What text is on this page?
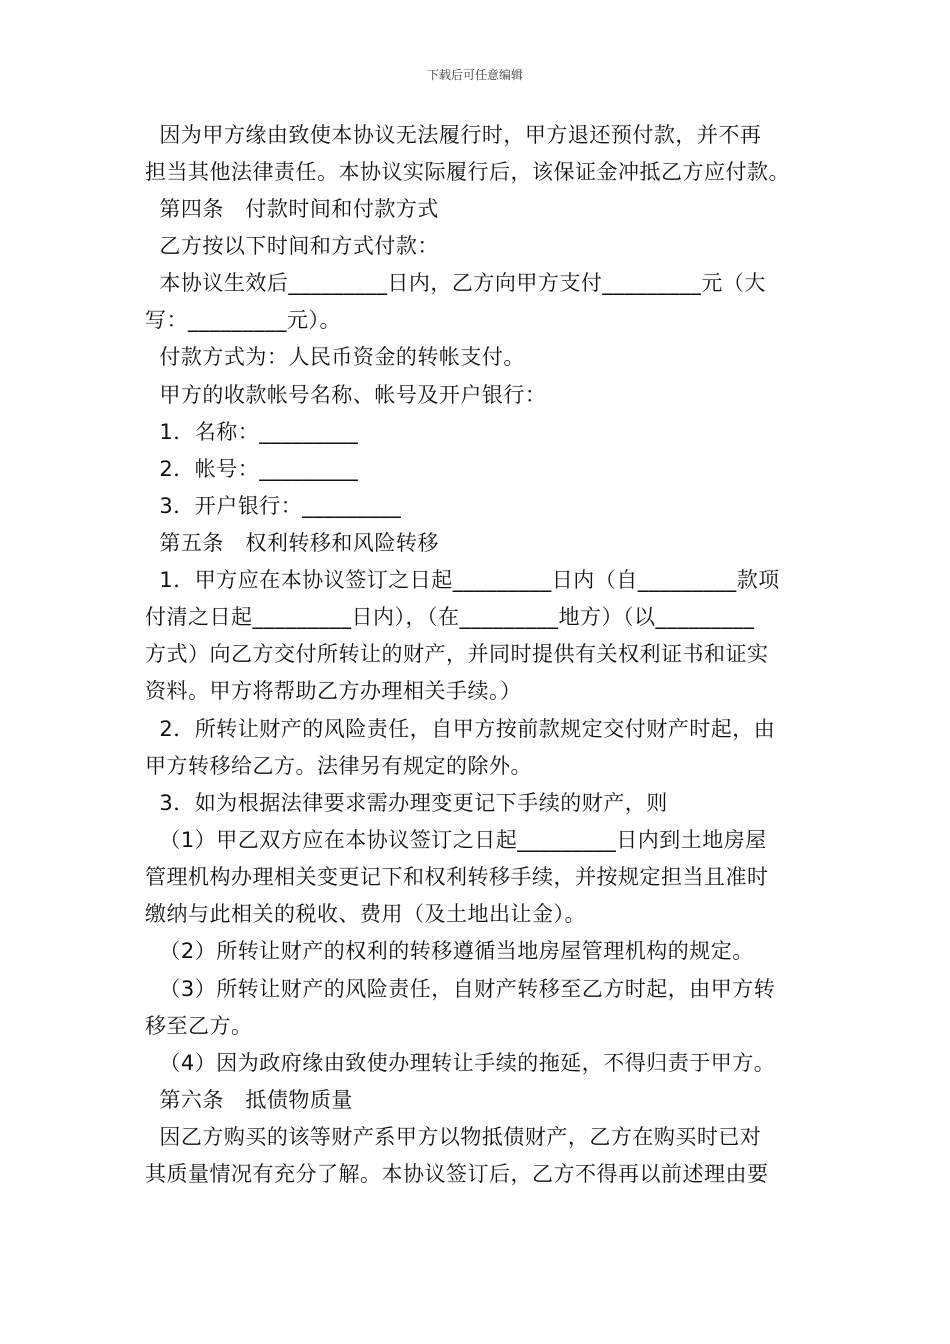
下载后可任意编辑
因为甲方缘由致使本协议无法履行时，甲方退还预付款，并不再
担当其他法律责任。本协议实际履行后，该保证金冲抵乙方应付款。
第四条   付款时间和付款方式
乙方按以下时间和方式付款：
本协议生效后_________日内，乙方向甲方支付_________元（大
写：_________元）。
付款方式为：人民币资金的转帐支付。
甲方的收款帐号名称、帐号及开户银行：
1．名称：_________
2．帐号：_________
3．开户银行：_________
第五条   权利转移和风险转移
1．甲方应在本协议签订之日起_________日内（自_________款项
付清之日起_________日内），（在_________地方）（以_________
方式）向乙方交付所转让的财产，并同时提供有关权利证书和证实
资料。甲方将帮助乙方办理相关手续。）
2．所转让财产的风险责任，自甲方按前款规定交付财产时起，由
甲方转移给乙方。法律另有规定的除外。
3．如为根据法律要求需办理变更记下手续的财产，则
（1）甲乙双方应在本协议签订之日起_________日内到土地房屋
管理机构办理相关变更记下和权利转移手续，并按规定担当且准时
缴纳与此相关的税收、费用（及土地出让金）。
（2）所转让财产的权利的转移遵循当地房屋管理机构的规定。
（3）所转让财产的风险责任，自财产转移至乙方时起，由甲方转
移至乙方。
（4）因为政府缘由致使办理转让手续的拖延，不得归责于甲方。
第六条   抵债物质量
因乙方购买的该等财产系甲方以物抵债财产，乙方在购买时已对
其质量情况有充分了解。本协议签订后，乙方不得再以前述理由要
